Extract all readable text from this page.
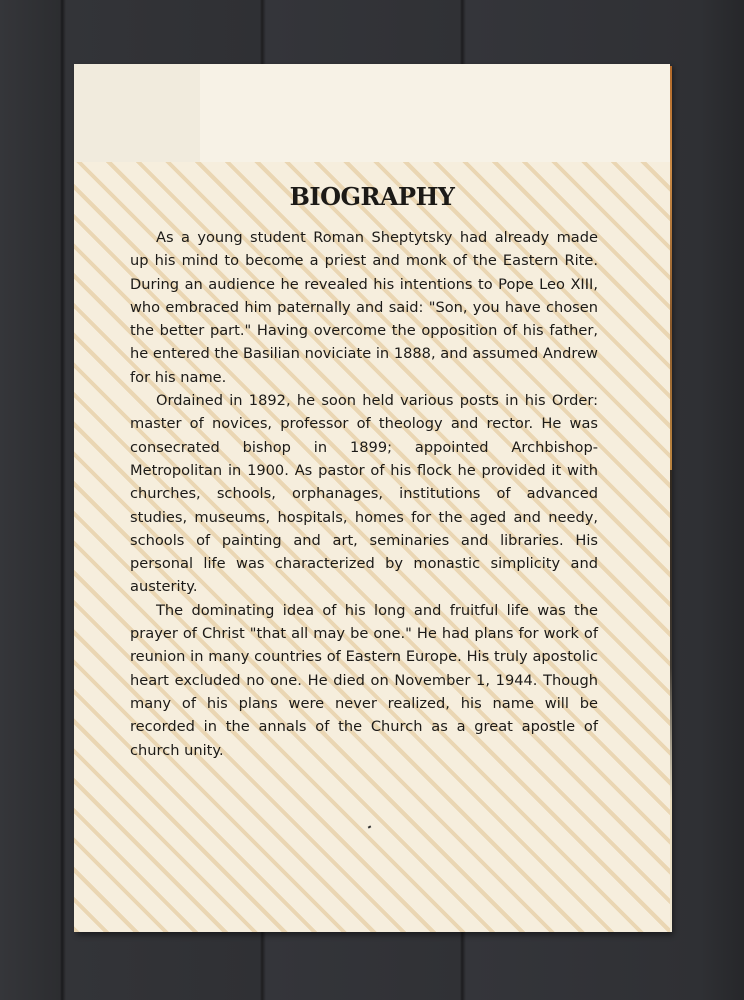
BIOGRAPHY

As a young student Roman Sheptytsky had already made up his mind to become a priest and monk of the Eastern Rite. During an audience he revealed his intentions to Pope Leo XIII, who embraced him paternally and said: "Son, you have chosen the better part." Having overcome the opposition of his father, he entered the Basilian noviciate in 1888, and assumed Andrew for his name.

Ordained in 1892, he soon held various posts in his Order: master of novices, professor of theology and rector. He was consecrated bishop in 1899; appointed Archbishop-Metropolitan in 1900. As pastor of his flock he provided it with churches, schools, orphanages, institutions of advanced studies, museums, hospitals, homes for the aged and needy, schools of painting and art, seminaries and libraries. His personal life was characterized by monastic simplicity and austerity.

The dominating idea of his long and fruitful life was the prayer of Christ "that all may be one." He had plans for work of reunion in many countries of Eastern Europe. His truly apostolic heart excluded no one. He died on November 1, 1944. Though many of his plans were never realized, his name will be recorded in the annals of the Church as a great apostle of church unity.
